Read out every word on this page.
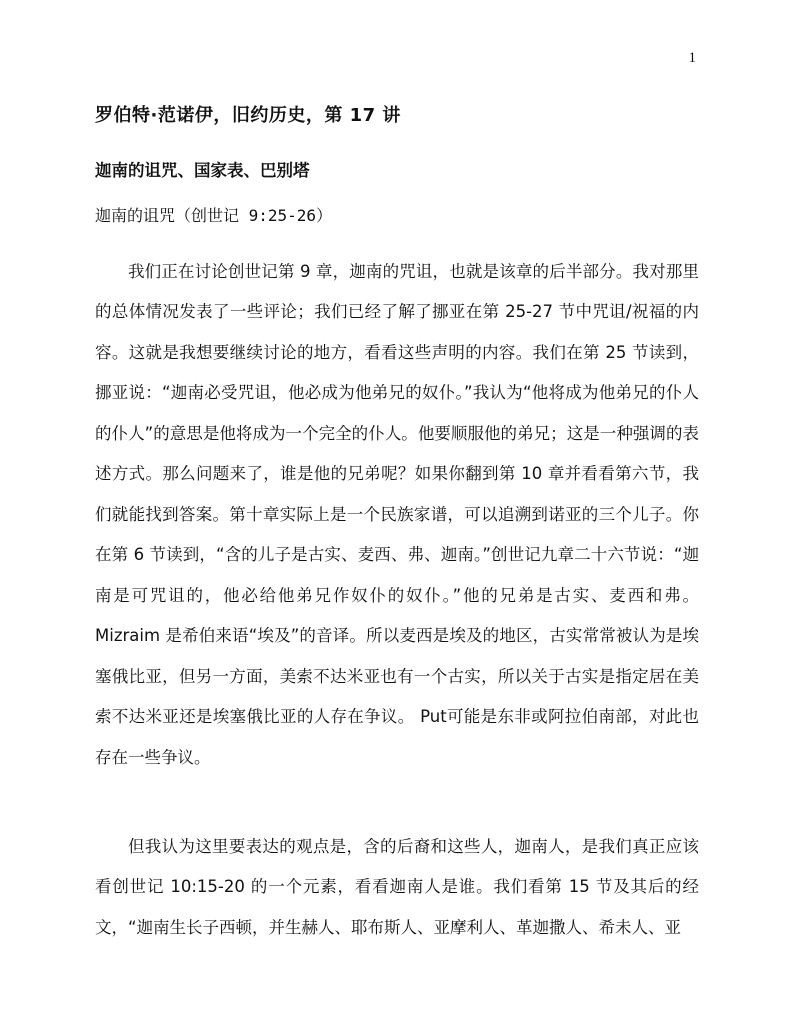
1
罗伯特·范诺伊，旧约历史，第 17 讲
迦南的诅咒、国家表、巴别塔
迦南的诅咒（创世记 9:25-26）

我们正在讨论创世记第 9 章，迦南的咒诅，也就是该章的后半部分。我对那里的总体情况发表了一些评论；我们已经了解了挪亚在第 25-27 节中咒诅/祝福的内容。这就是我想要继续讨论的地方，看看这些声明的内容。我们在第 25 节读到，挪亚说：“迦南必受咒诅，他必成为他弟兄的奴仆。”我认为“他将成为他弟兄的仆人的仆人”的意思是他将成为一个完全的仆人。他要顺服他的弟兄；这是一种强调的表述方式。那么问题来了，谁是他的兄弟呢？如果你翻到第 10 章并看看第六节，我们就能找到答案。第十章实际上是一个民族家谱，可以追溯到诺亚的三个儿子。你在第 6 节读到，“含的儿子是古实、麦西、弗、迦南。”创世记九章二十六节说：“迦南是可咒诅的，他必给他弟兄作奴仆的奴仆。”他的兄弟是古实、麦西和弗。 Mizraim 是希伯来语“埃及”的音译。所以麦西是埃及的地区，古实常常被认为是埃塞俄比亚，但另一方面，美索不达米亚也有一个古实，所以关于古实是指定居在美索不达米亚还是埃塞俄比亚的人存在争议。 Put可能是东非或阿拉伯南部，对此也存在一些争议。

但我认为这里要表达的观点是，含的后裔和这些人，迦南人，是我们真正应该看创世记 10:15-20 的一个元素，看看迦南人是谁。我们看第 15 节及其后的经文，“迦南生长子西顿，并生赫人、耶布斯人、亚摩利人、革迦撒人、希未人、亚
